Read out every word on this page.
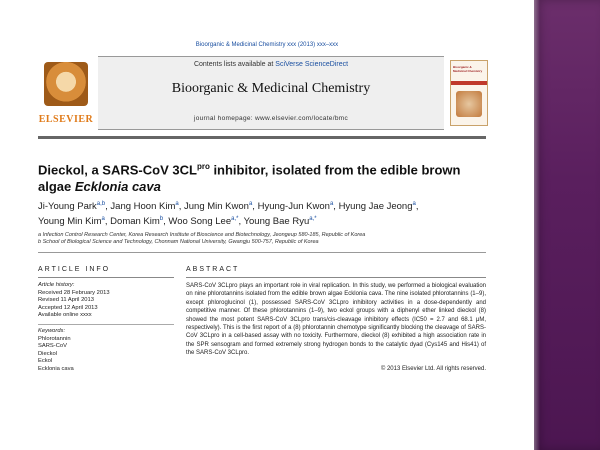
Bioorganic & Medicinal Chemistry xxx (2013) xxx–xxx
ELSEVIER
Contents lists available at SciVerse ScienceDirect
Bioorganic & Medicinal Chemistry
journal homepage: www.elsevier.com/locate/bmc
Bioorganic & Medicinal Chemistry
Dieckol, a SARS-CoV $3CL^{pro}$ inhibitor, isolated from the edible brown algae Ecklonia cava
Ji-Young Park$^{a,b}$, Jang Hoon Kim$^a$, Jung Min Kwon$^a$, Hyung-Jun Kwon$^a$, Hyung Jae Jeong$^a$,
Young Min Kim$^a$, Doman Kim$^b$, Woo Song Lee$^{a,*}$, Young Bae Ryu$^{a,*}$
a Infection Control Research Center, Korea Research Institute of Bioscience and Biotechnology, Jeongeup 580-185, Republic of Korea
b School of Biological Science and Technology, Chonnam National University, Gwangju 500-757, Republic of Korea
ARTICLE INFO	ABSTRACT
Article history:
Received 28 February 2013
Revised 11 April 2013
Accepted 12 April 2013
Available online xxxx
Keywords:
Phlorotannin
SARS-CoV
Dieckol
Eckol
Ecklonia cava

SARS-CoV 3CLpro plays an important role in viral replication. In this study, we performed a biological evaluation on nine phlorotannins isolated from the edible brown algae Ecklonia cava. The nine isolated phlorotannins (1–9), except phloroglucinol (1), possessed SARS-CoV 3CLpro inhibitory activities in a dose-dependently and competitive manner. Of these phlorotannins (1–9), two eckol groups with a diphenyl ether linked dieckol (8) showed the most potent SARS-CoV 3CLpro trans/cis-cleavage inhibitory effects (IC50 = 2.7 and 68.1 μM, respectively). This is the first report of a (8) phlorotannin chemotype significantly blocking the cleavage of SARS-CoV 3CLpro in a cell-based assay with no toxicity. Furthermore, dieckol (8) exhibited a high association rate in the SPR sensogram and formed extremely strong hydrogen bonds to the catalytic dyad (Cys145 and His41) of the SARS-CoV 3CLpro.

© 2013 Elsevier Ltd. All rights reserved.
